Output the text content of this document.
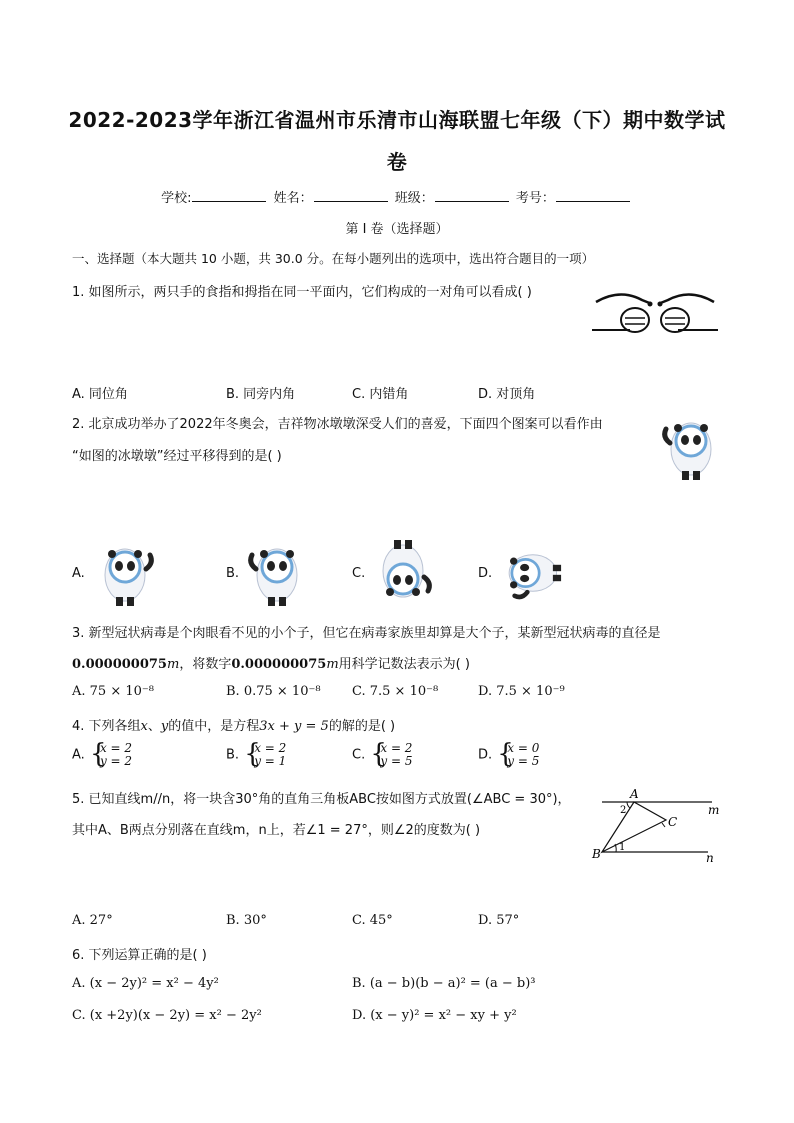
2022-2023学年浙江省温州市乐清市山海联盟七年级（下）期中数学试
卷
学校:	姓名：	班级：	考号：
第 I 卷（选择题）
一、选择题（本大题共 10 小题，共 30.0 分。在每小题列出的选项中，选出符合题目的一项）
1. 如图所示，两只手的食指和拇指在同一平面内，它们构成的一对角可以看成( )
A. 同位角	B. 同旁内角	C. 内错角	D. 对顶角
2. 北京成功举办了2022年冬奥会，吉祥物冰墩墩深受人们的喜爱，下面四个图案可以看作由
“如图的冰墩墩”经过平移得到的是( )
A.	B.	C.	D.
3. 新型冠状病毒是个肉眼看不见的小个子，但它在病毒家族里却算是大个子，某新型冠状病毒的直径是
0.000000075m，将数字0.000000075m用科学记数法表示为( )
A. 75 × 10⁻⁸	B. 0.75 × 10⁻⁸ C. 7.5 × 10⁻⁸	D. 7.5 × 10⁻⁹
4. 下列各组x、y的值中，是方程3x + y = 5的解的是( )
A. { x = 2
y = 2	B. { x = 2
y = 1	C. { x = 2
y = 5	D. { x = 0
y = 5
5. 已知直线m//n，将一块含30°角的直角三角板ABC按如图方式放置(∠ABC = 30°)，
其中A、B两点分别落在直线m，n上，若∠1 = 27°，则∠2的度数为( )
A
B
C
m
n
1
2
A. 27°	B. 30°	C. 45°	D. 57°
6. 下列运算正确的是( )
A. (x − 2y)² = x² − 4y²	B. (a − b)(b − a)² = (a − b)³
C. (x +2y)(x − 2y) = x² − 2y²	D. (x − y)² = x² − xy + y²
